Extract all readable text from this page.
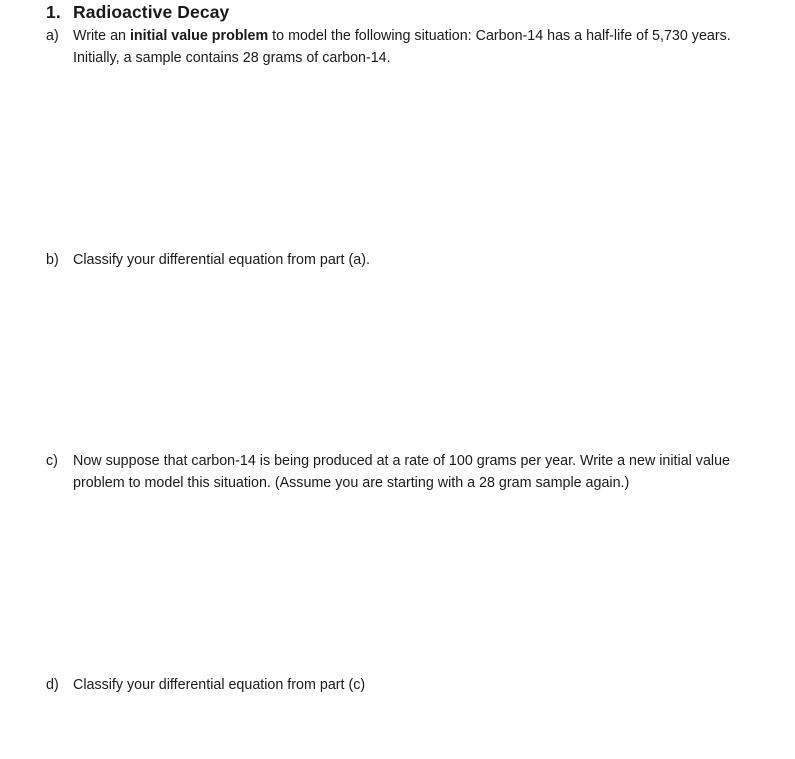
1. Radioactive Decay
a) Write an initial value problem to model the following situation: Carbon-14 has a half-life of 5,730 years. Initially, a sample contains 28 grams of carbon-14.
b) Classify your differential equation from part (a).
c) Now suppose that carbon-14 is being produced at a rate of 100 grams per year. Write a new initial value problem to model this situation. (Assume you are starting with a 28 gram sample again.)
d) Classify your differential equation from part (c)
